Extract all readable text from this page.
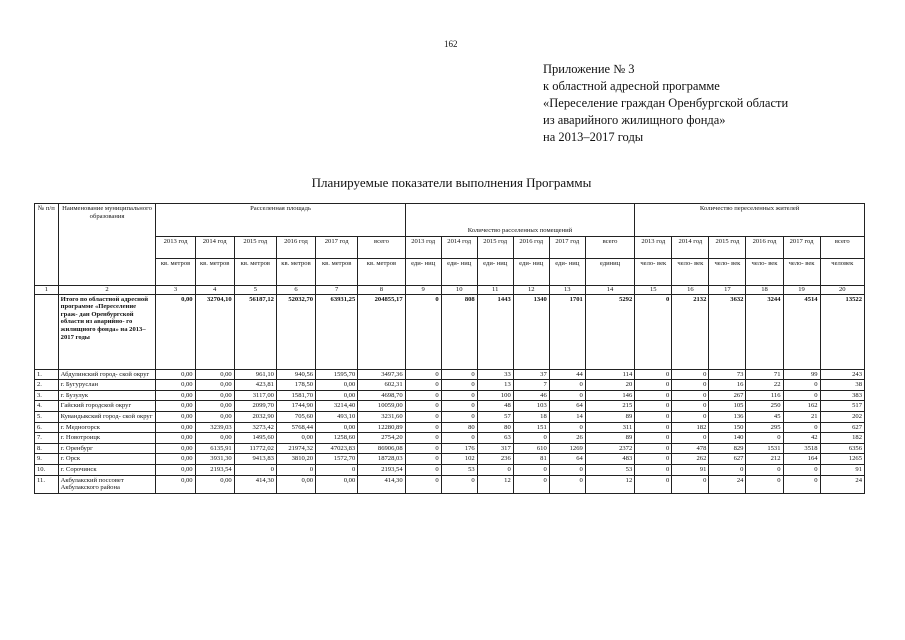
162
Приложение № 3
к областной адресной программе
«Переселение граждан Оренбургской области
из аварийного жилищного фонда»
на 2013–2017 годы
Планируемые показатели выполнения Программы
№ п/п	Наименование муниципального образования	Расселенная площадь						Количество расселенных помещений						Количество переселенных жителей					
		2013 год	2014 год	2015 год	2016 год	2017 год	всего	2013 год	2014 год	2015 год	2016 год	2017 год	всего	2013 год	2014 год	2015 год	2016 год	2017 год	всего
		кв. метров	кв. метров	кв. метров	кв. метров	кв. метров	кв. метров	еди- ниц	еди- ниц	еди- ниц	еди- ниц	еди- ниц	единиц	чело- век	чело- век	чело- век	чело- век	чело- век	человек
1	2	3	4	5	6	7	8	9	10	11	12	13	14	15	16	17	18	19	20
	Итого по областной адресной программе «Переселение граж- дан Оренбургской области из аварийно- го жилищного фонда» на 2013– 2017 годы	0,00	32704,10	56187,12	52032,70	63931,25	204855,17	0	808	1443	1340	1701	5292	0	2132	3632	3244	4514	13522
1.	Абдулинский город- ской округ	0,00	0,00	961,10	940,56	1595,70	3497,36	0	0	33	37	44	114	0	0	73	71	99	243
2.	г. Бугуруслан	0,00	0,00	423,81	178,50	0,00	602,31	0	0	13	7	0	20	0	0	16	22	0	38
3.	г. Бузулук	0,00	0,00	3117,00	1581,70	0,00	4698,70	0	0	100	46	0	146	0	0	267	116	0	383
4.	Гайский городской округ	0,00	0,00	2099,70	1744,90	3214,40	10059,00	0	0	48	103	64	215	0	0	105	250	162	517
5.	Кувандыкский город- ской округ	0,00	0,00	2032,90	705,60	493,10	3231,60	0	0	57	18	14	89	0	0	136	45	21	202
6.	г. Медногорск	0,00	3239,03	3273,42	5768,44	0,00	12280,89	0	80	80	151	0	311	0	182	150	295	0	627
7.	г. Новотроицк	0,00	0,00	1495,60	0,00	1258,60	2754,20	0	0	63	0	26	89	0	0	140	0	42	182
8.	г. Оренбург	0,00	6135,91	11772,02	21974,32	47023,83	86906,08	0	176	317	610	1269	2372	0	478	829	1531	3518	6356
9.	г. Орск	0,00	3931,30	9413,83	3810,20	1572,70	18728,03	0	102	236	81	64	483	0	262	627	212	164	1265
10.	г. Сорочинск	0,00	2193,54	0	0	0	2193,54	0	53	0	0	0	53	0	91	0	0	0	91
11.	Акбулакский поссовет Акбулакского района	0,00	0,00	414,30	0,00	0,00	414,30	0	0	12	0	0	12	0	0	24	0	0	24
